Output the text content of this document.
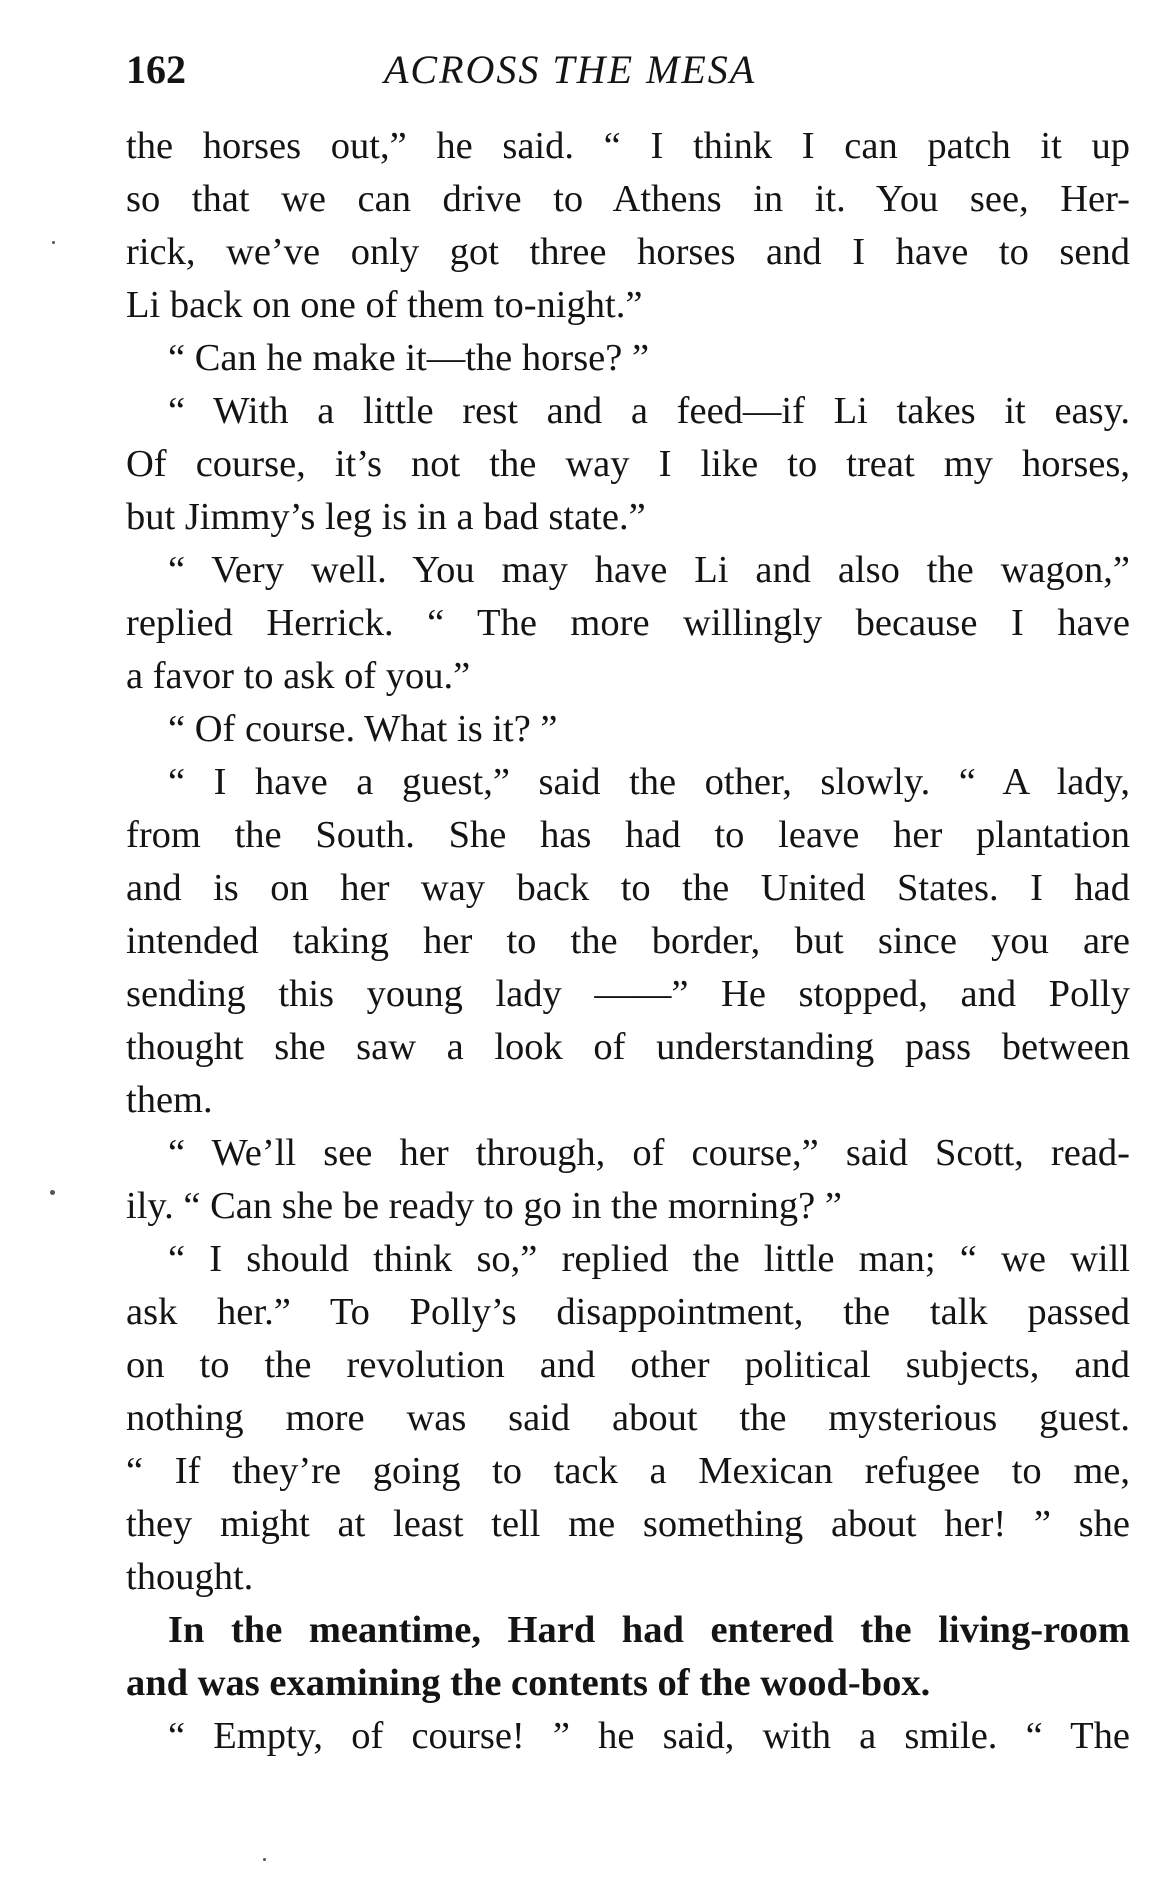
162	ACROSS THE MESA
the horses out,” he said. “ I think I can patch it up
so that we can drive to Athens in it. You see, Her-
rick, we’ve only got three horses and I have to send
Li back on one of them to-night.”
“ Can he make it—the horse? ”
“ With a little rest and a feed—if Li takes it easy.
Of course, it’s not the way I like to treat my horses,
but Jimmy’s leg is in a bad state.”
“ Very well. You may have Li and also the wagon,”
replied Herrick. “ The more willingly because I have
a favor to ask of you.”
“ Of course. What is it? ”
“ I have a guest,” said the other, slowly. “ A lady,
from the South. She has had to leave her plantation
and is on her way back to the United States. I had
intended taking her to the border, but since you are
sending this young lady ——” He stopped, and Polly
thought she saw a look of understanding pass between
them.
“ We’ll see her through, of course,” said Scott, read-
ily. “ Can she be ready to go in the morning? ”
“ I should think so,” replied the little man; “ we will
ask her.” To Polly’s disappointment, the talk passed
on to the revolution and other political subjects, and
nothing more was said about the mysterious guest.
“ If they’re going to tack a Mexican refugee to me,
they might at least tell me something about her! ” she
thought.
In the meantime, Hard had entered the living-room
and was examining the contents of the wood-box.
“ Empty, of course! ” he said, with a smile. “ The
